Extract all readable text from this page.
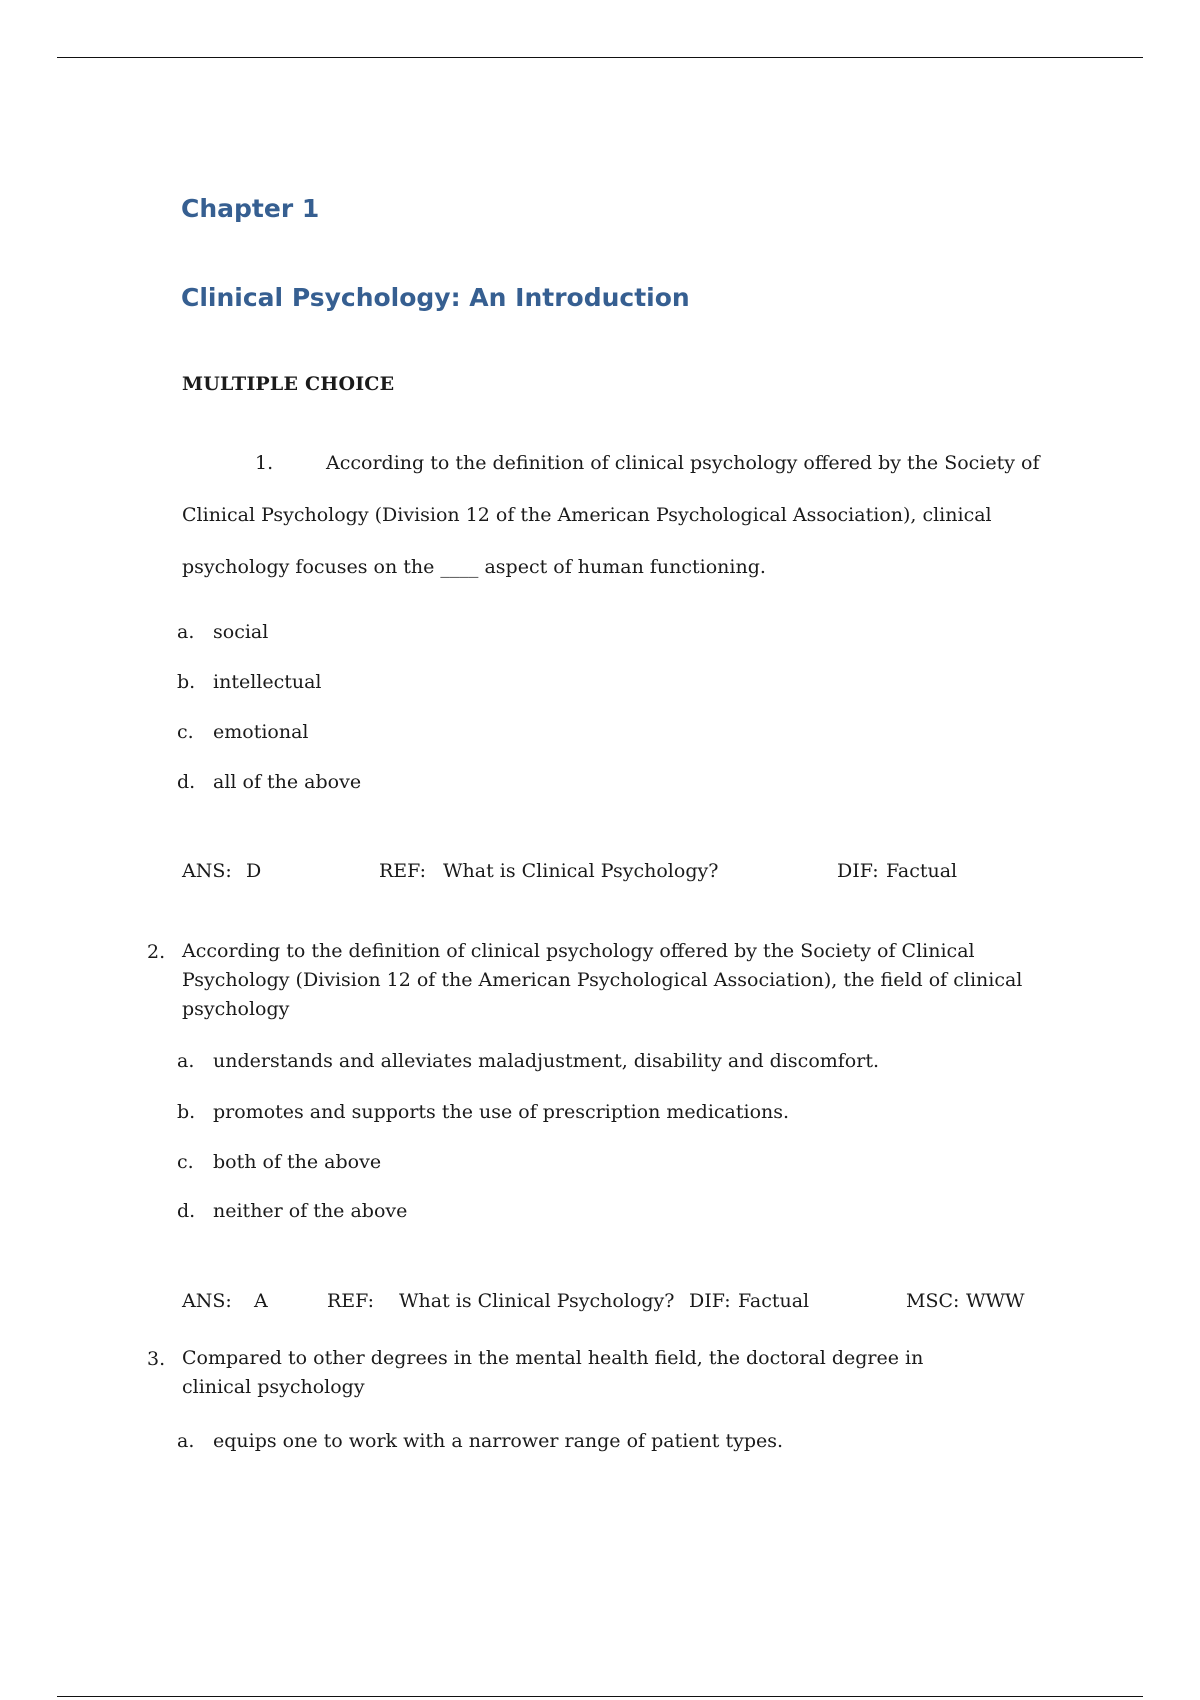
Chapter 1
Clinical Psychology: An Introduction
MULTIPLE CHOICE
1.	According to the definition of clinical psychology offered by the Society of
Clinical Psychology (Division 12 of the American Psychological Association), clinical
psychology focuses on the ____ aspect of human functioning.
a. social
b. intellectual
c. emotional
d. all of the above
ANS: D	REF: What is Clinical Psychology?	DIF: Factual
2. According to the definition of clinical psychology offered by the Society of Clinical Psychology (Division 12 of the American Psychological Association), the field of clinical psychology
a. understands and alleviates maladjustment, disability and discomfort.
b. promotes and supports the use of prescription medications.
c. both of the above
d. neither of the above
ANS: A	REF: What is Clinical Psychology? DIF: Factual	MSC: WWW
3. Compared to other degrees in the mental health field, the doctoral degree in clinical psychology
a. equips one to work with a narrower range of patient types.
